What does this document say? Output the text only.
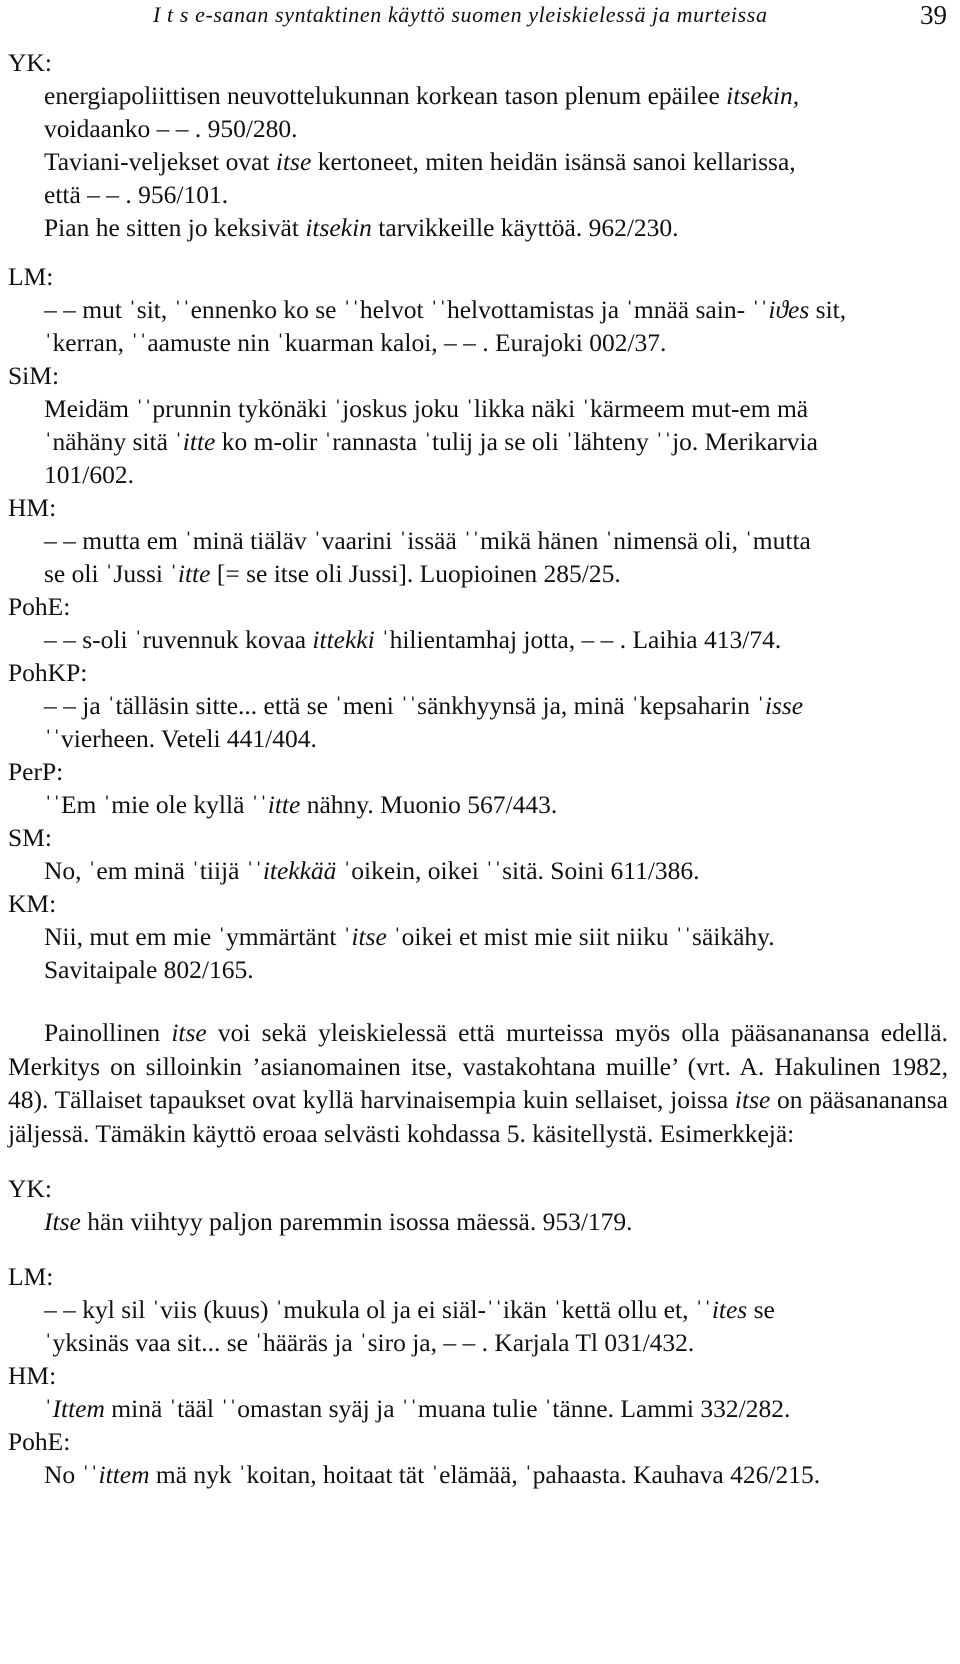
I t s e-sanan syntaktinen käyttö suomen yleiskielessä ja murteissa	39
YK:
energiapoliittisen neuvottelukunnan korkean tason plenum epäilee itsekin,
voidaanko – – . 950/280.
Taviani-veljekset ovat itse kertoneet, miten heidän isänsä sanoi kellarissa,
että – – . 956/101.
Pian he sitten jo keksivät itsekin tarvikkeille käyttöä. 962/230.
LM:
– – mut ˈsit, ˈˈennenko ko se ˈˈhelvot ˈˈhelvottamistas ja ˈmnää sain- ˈˈiϑes sit,
ˈkerran, ˈˈaamuste nin ˈkuarman kaloi, – – . Eurajoki 002/37.
SiM:
Meidäm ˈˈprunnin tykönäki ˈjoskus joku ˈlikka näki ˈkärmeem mut-em mä
ˈnähäny sitä ˈitte ko m-olir ˈrannasta ˈtulij ja se oli ˈlähteny ˈˈjo. Merikarvia
101/602.
HM:
– – mutta em ˈminä tiäläv ˈvaarini ˈissää ˈˈmikä hänen ˈnimensä oli, ˈmutta
se oli ˈJussi ˈitte [= se itse oli Jussi]. Luopioinen 285/25.
PohE:
– – s-oli ˈruvennuk kovaa ittekki ˈhilientamhaj jotta, – – . Laihia 413/74.
PohKP:
– – ja ˈtälläsin sitte... että se ˈmeni ˈˈsänkhyynsä ja, minä ˈkepsaharin ˈisse
ˈˈvierheen. Veteli 441/404.
PerP:
ˈˈEm ˈmie ole kyllä ˈˈitte nähny. Muonio 567/443.
SM:
No, ˈem minä ˈtiijä ˈˈitekkää ˈoikein, oikei ˈˈsitä. Soini 611/386.
KM:
Nii, mut em mie ˈymmärtänt ˈitse ˈoikei et mist mie siit niiku ˈˈsäikähy.
Savitaipale 802/165.
Painollinen itse voi sekä yleiskielessä että murteissa myös olla pääsananansa edellä. Merkitys on silloinkin ’asianomainen itse, vastakohtana muille’ (vrt. A. Hakulinen 1982, 48). Tällaiset tapaukset ovat kyllä harvinaisempia kuin sellaiset, joissa itse on pääsananansa jäljessä. Tämäkin käyttö eroaa selvästi kohdassa 5. käsitellystä. Esimerkkejä:
YK:
Itse hän viihtyy paljon paremmin isossa mäessä. 953/179.
LM:
– – kyl sil ˈviis (kuus) ˈmukula ol ja ei siäl-ˈˈikän ˈkettä ollu et, ˈˈites se
ˈyksinäs vaa sit... se ˈhääräs ja ˈsiro ja, – – . Karjala Tl 031/432.
HM:
ˈIttem minä ˈtääl ˈˈomastan syäj ja ˈˈmuana tulie ˈtänne. Lammi 332/282.
PohE:
No ˈˈittem mä nyk ˈkoitan, hoitaat tät ˈelämää, ˈpahaasta. Kauhava 426/215.
